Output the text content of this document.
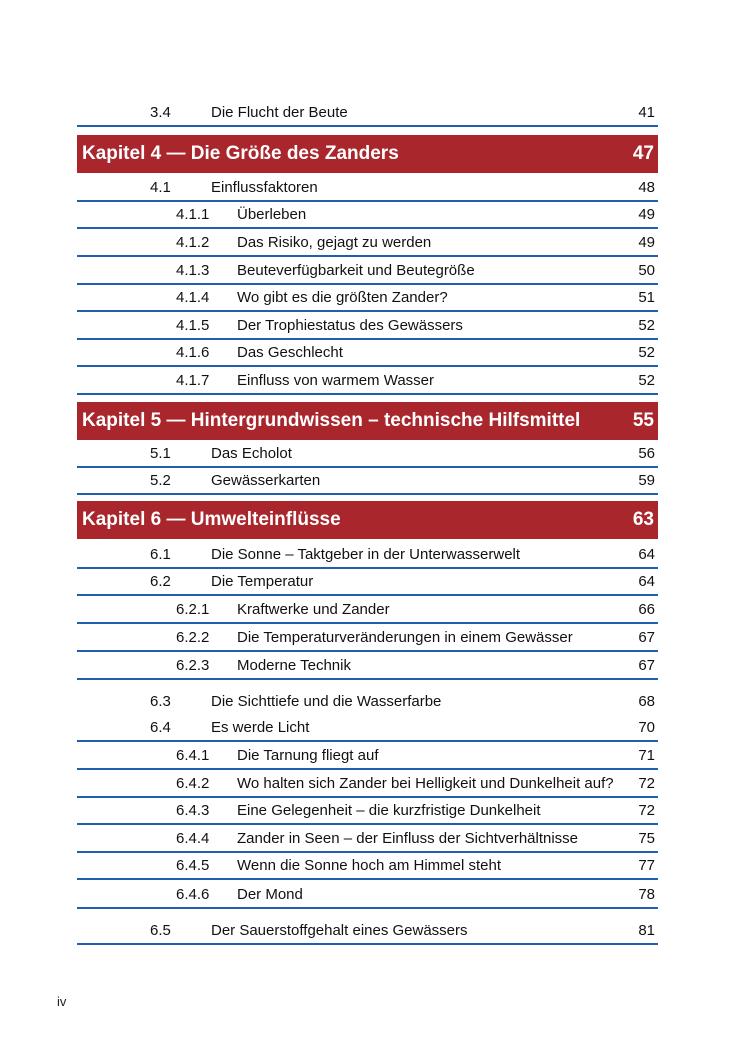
3.4	Die Flucht der Beute	41
Kapitel 4 — Die Größe des Zanders	47
4.1	Einflussfaktoren	48
4.1.1 Überleben	49
4.1.2 Das Risiko, gejagt zu werden	49
4.1.3 Beuteverfügbarkeit und Beutegröße	50
4.1.4 Wo gibt es die größten Zander?	51
4.1.5 Der Trophiestatus des Gewässers	52
4.1.6 Das Geschlecht	52
4.1.7 Einfluss von warmem Wasser	52
Kapitel 5 — Hintergrundwissen – technische Hilfsmittel	55
5.1	Das Echolot	56
5.2	Gewässerkarten	59
Kapitel 6 — Umwelteinflüsse	63
6.1	Die Sonne – Taktgeber in der Unterwasserwelt	64
6.2	Die Temperatur	64
6.2.1 Kraftwerke und Zander	66
6.2.2 Die Temperaturveränderungen in einem Gewässer	67
6.2.3 Moderne Technik	67
6.3	Die Sichttiefe und die Wasserfarbe	68
6.4	Es werde Licht	70
6.4.1 Die Tarnung fliegt auf	71
6.4.2 Wo halten sich Zander bei Helligkeit und Dunkelheit auf? 72
6.4.3 Eine Gelegenheit – die kurzfristige Dunkelheit	72
6.4.4 Zander in Seen – der Einfluss der Sichtverhältnisse	75
6.4.5 Wenn die Sonne hoch am Himmel steht	77
6.4.6 Der Mond	78
6.5	Der Sauerstoffgehalt eines Gewässers	81
iv
